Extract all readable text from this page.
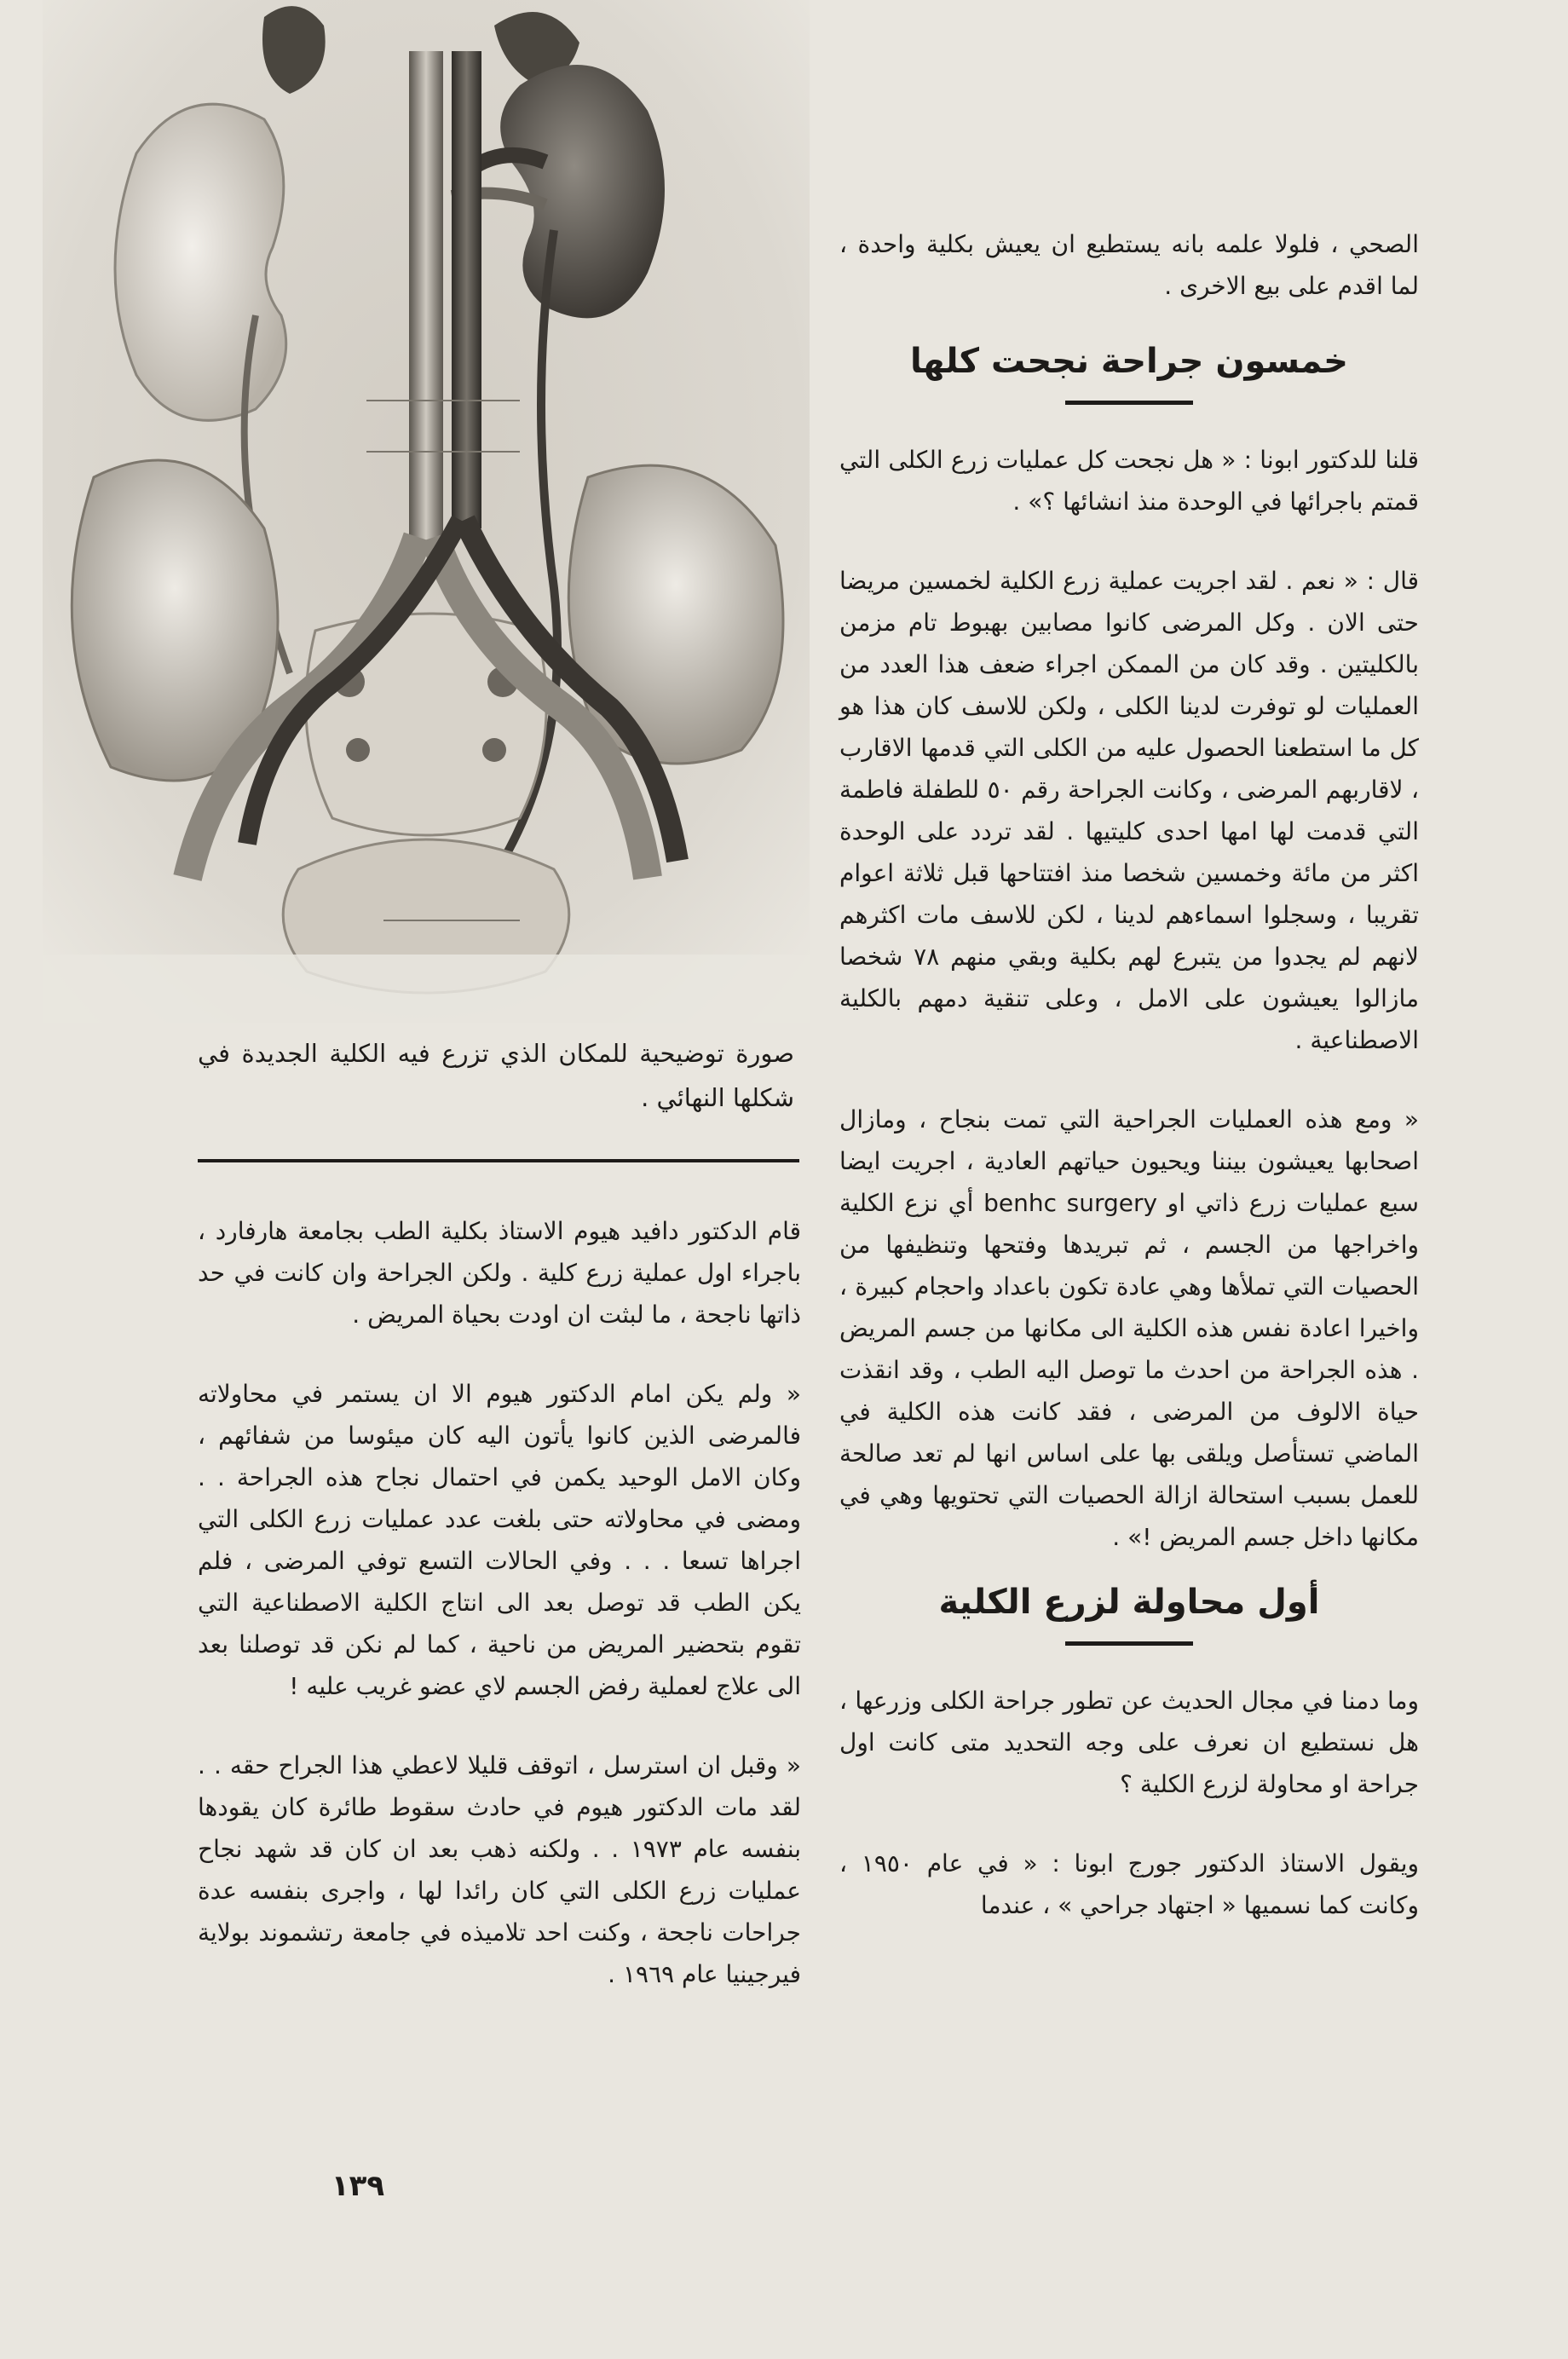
الصحي ، فلولا علمه بانه يستطيع ان يعيش بكلية واحدة ، لما اقدم على بيع الاخرى .

خمسون جراحة نجحت كلها

قلنا للدكتور ابونا : « هل نجحت كل عمليات زرع الكلى التي قمتم باجرائها في الوحدة منذ انشائها ؟» .

قال : « نعم . لقد اجريت عملية زرع الكلية لخمسين مريضا حتى الان . وكل المرضى كانوا مصابين بهبوط تام مزمن بالكليتين . وقد كان من الممكن اجراء ضعف هذا العدد من العمليات لو توفرت لدينا الكلى ، ولكن للاسف كان هذا هو كل ما استطعنا الحصول عليه من الكلى التي قدمها الاقارب ، لاقاربهم المرضى ، وكانت الجراحة رقم ٥٠ للطفلة فاطمة التي قدمت لها امها احدى كليتيها . لقد تردد على الوحدة اكثر من مائة وخمسين شخصا منذ افتتاحها قبل ثلاثة اعوام تقريبا ، وسجلوا اسماءهم لدينا ، لكن للاسف مات اكثرهم لانهم لم يجدوا من يتبرع لهم بكلية وبقي منهم ٧٨ شخصا مازالوا يعيشون على الامل ، وعلى تنقية دمهم بالكلية الاصطناعية .

« ومع هذه العمليات الجراحية التي تمت بنجاح ، ومازال اصحابها يعيشون بيننا ويحيون حياتهم العادية ، اجريت ايضا سبع عمليات زرع ذاتي او benhc surgery أي نزع الكلية واخراجها من الجسم ، ثم تبريدها وفتحها وتنظيفها من الحصيات التي تملأها وهي عادة تكون باعداد واحجام كبيرة ، واخيرا اعادة نفس هذه الكلية الى مكانها من جسم المريض . هذه الجراحة من احدث ما توصل اليه الطب ، وقد انقذت حياة الالوف من المرضى ، فقد كانت هذه الكلية في الماضي تستأصل ويلقى بها على اساس انها لم تعد صالحة للعمل بسبب استحالة ازالة الحصيات التي تحتويها وهي في مكانها داخل جسم المريض !» .

أول محاولة لزرع الكلية

وما دمنا في مجال الحديث عن تطور جراحة الكلى وزرعها ، هل نستطيع ان نعرف على وجه التحديد متى كانت اول جراحة او محاولة لزرع الكلية ؟

ويقول الاستاذ الدكتور جورج ابونا : « في عام ١٩٥٠ ، وكانت كما نسميها « اجتهاد جراحي » ، عندما

صورة توضيحية للمكان الذي تزرع فيه الكلية الجديدة في شكلها النهائي .

قام الدكتور دافيد هيوم الاستاذ بكلية الطب بجامعة هارفارد ، باجراء اول عملية زرع كلية . ولكن الجراحة وان كانت في حد ذاتها ناجحة ، ما لبثت ان اودت بحياة المريض .

« ولم يكن امام الدكتور هيوم الا ان يستمر في محاولاته فالمرضى الذين كانوا يأتون اليه كان ميئوسا من شفائهم ، وكان الامل الوحيد يكمن في احتمال نجاح هذه الجراحة . . ومضى في محاولاته حتى بلغت عدد عمليات زرع الكلى التي اجراها تسعا . . . وفي الحالات التسع توفي المرضى ، فلم يكن الطب قد توصل بعد الى انتاج الكلية الاصطناعية التي تقوم بتحضير المريض من ناحية ، كما لم نكن قد توصلنا بعد الى علاج لعملية رفض الجسم لاي عضو غريب عليه !

« وقبل ان استرسل ، اتوقف قليلا لاعطي هذا الجراح حقه . . لقد مات الدكتور هيوم في حادث سقوط طائرة كان يقودها بنفسه عام ١٩٧٣ . . ولكنه ذهب بعد ان كان قد شهد نجاح عمليات زرع الكلى التي كان رائدا لها ، واجرى بنفسه عدة جراحات ناجحة ، وكنت احد تلاميذه في جامعة رتشموند بولاية فيرجينيا عام ١٩٦٩ .

١٣٩
